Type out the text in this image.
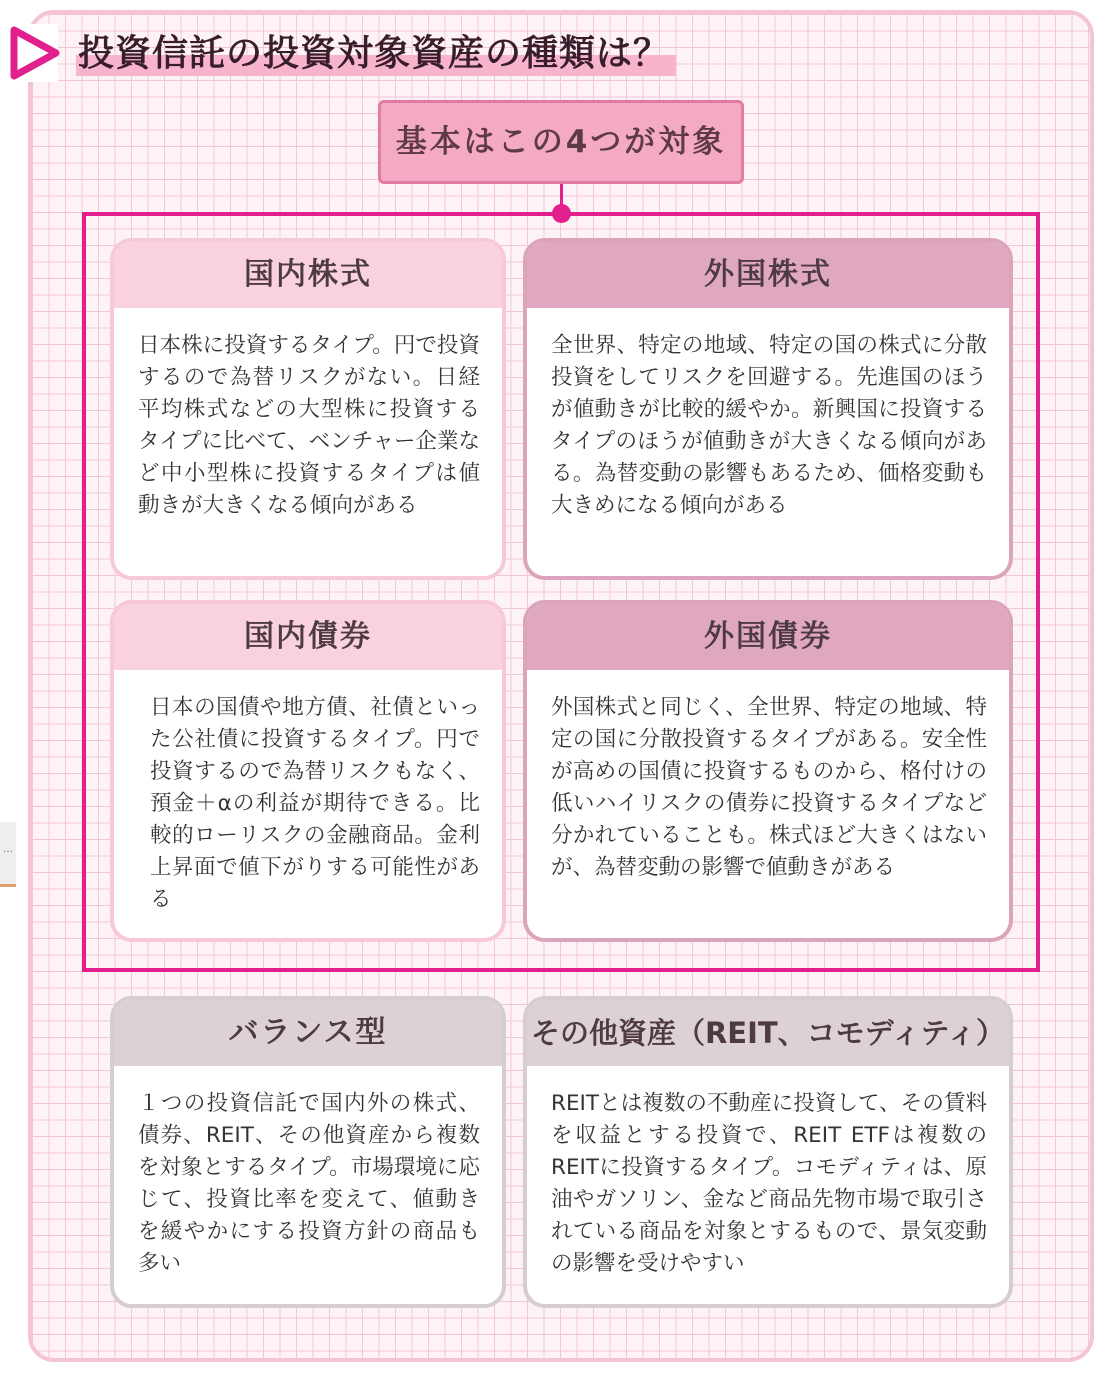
…
投資信託の投資対象資産の種類は？
基本はこの4つが対象
国内株式
日本株に投資するタイプ。円で投資するので為替リスクがない。日経平均株式などの大型株に投資するタイプに比べて、ベンチャー企業など中小型株に投資するタイプは値動きが大きくなる傾向がある
外国株式
全世界、特定の地域、特定の国の株式に分散投資をしてリスクを回避する。先進国のほうが値動きが比較的緩やか。新興国に投資するタイプのほうが値動きが大きくなる傾向がある。為替変動の影響もあるため、価格変動も大きめになる傾向がある
国内債券
日本の国債や地方債、社債といった公社債に投資するタイプ。円で投資するので為替リスクもなく、預金＋αの利益が期待できる。比較的ローリスクの金融商品。金利上昇面で値下がりする可能性がある
外国債券
外国株式と同じく、全世界、特定の地域、特定の国に分散投資するタイプがある。安全性が高めの国債に投資するものから、格付けの低いハイリスクの債券に投資するタイプなど分かれていることも。株式ほど大きくはないが、為替変動の影響で値動きがある
バランス型
１つの投資信託で国内外の株式、債券、REIT、その他資産から複数を対象とするタイプ。市場環境に応じて、投資比率を変えて、値動きを緩やかにする投資方針の商品も多い
その他資産（REIT、コモディティ）
REITとは複数の不動産に投資して、その賃料を収益とする投資で、REIT ETFは複数のREITに投資するタイプ。コモディティは、原油やガソリン、金など商品先物市場で取引されている商品を対象とするもので、景気変動の影響を受けやすい
